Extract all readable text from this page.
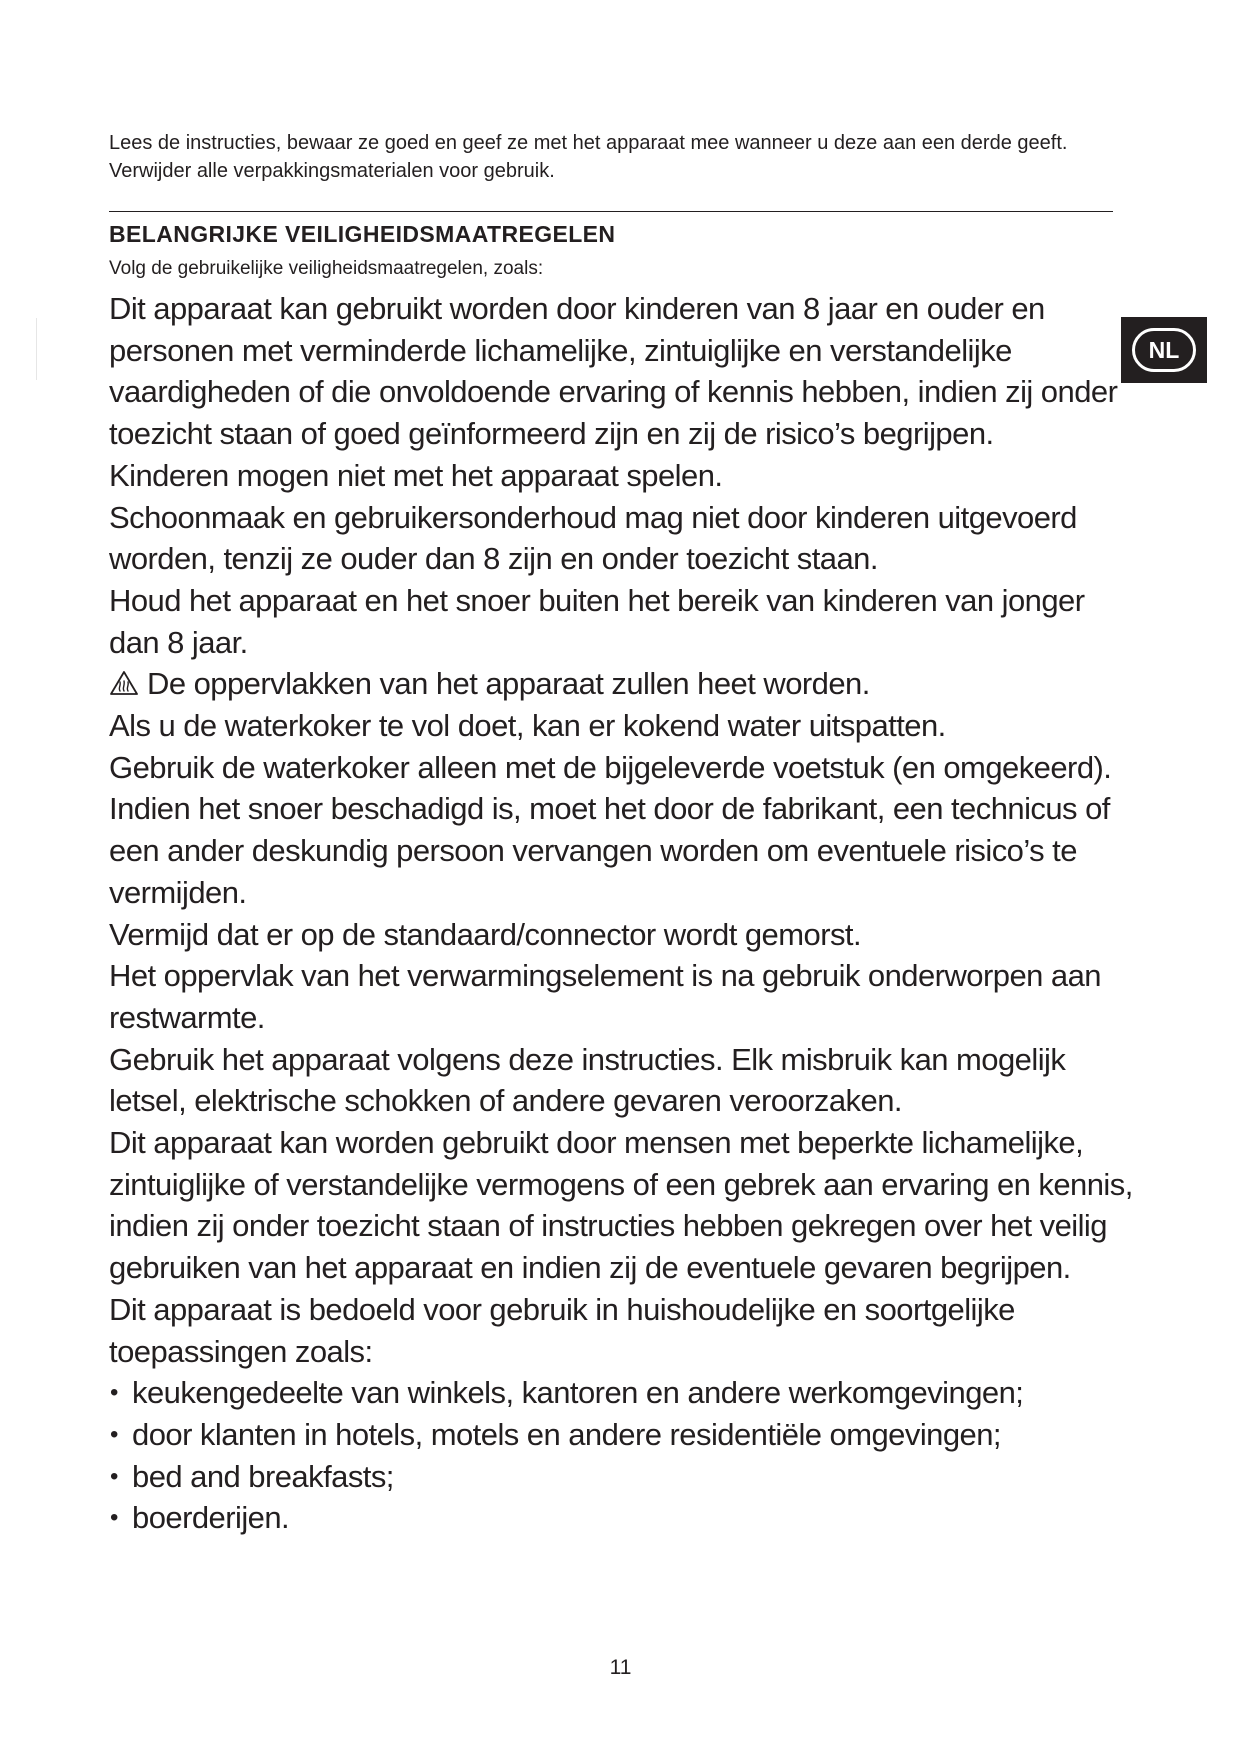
Lees de instructies, bewaar ze goed en geef ze met het apparaat mee wanneer u deze aan een derde geeft. Verwijder alle verpakkingsmaterialen voor gebruik.

BELANGRIJKE VEILIGHEIDSMAATREGELEN

Volg de gebruikelijke veiligheidsmaatregelen, zoals:

Dit apparaat kan gebruikt worden door kinderen van 8 jaar en ouder en personen met verminderde lichamelijke, zintuiglijke en verstandelijke vaardigheden of die onvoldoende ervaring of kennis hebben, indien zij onder toezicht staan of goed geïnformeerd zijn en zij de risico’s begrijpen.

Kinderen mogen niet met het apparaat spelen.

Schoonmaak en gebruikersonderhoud mag niet door kinderen uitgevoerd worden, tenzij ze ouder dan 8 zijn en onder toezicht staan.

Houd het apparaat en het snoer buiten het bereik van kinderen van jonger dan 8 jaar.

De oppervlakken van het apparaat zullen heet worden.

Als u de waterkoker te vol doet, kan er kokend water uitspatten.

Gebruik de waterkoker alleen met de bijgeleverde voetstuk (en omgekeerd).

Indien het snoer beschadigd is, moet het door de fabrikant, een technicus of een ander deskundig persoon vervangen worden om eventuele risico’s te vermijden.

Vermijd dat er op de standaard/connector wordt gemorst.

Het oppervlak van het verwarmingselement is na gebruik onderworpen aan restwarmte.

Gebruik het apparaat volgens deze instructies. Elk misbruik kan mogelijk letsel, elektrische schokken of andere gevaren veroorzaken.

Dit apparaat kan worden gebruikt door mensen met beperkte lichamelijke, zintuiglijke of verstandelijke vermogens of een gebrek aan ervaring en kennis, indien zij onder toezicht staan of instructies hebben gekregen over het veilig gebruiken van het apparaat en indien zij de eventuele gevaren begrijpen.

Dit apparaat is bedoeld voor gebruik in huishoudelijke en soortgelijke toepassingen zoals:

• keukengedeelte van winkels, kantoren en andere werkomgevingen;
• door klanten in hotels, motels en andere residentiële omgevingen;
• bed and breakfasts;
• boerderijen.
NL

11
